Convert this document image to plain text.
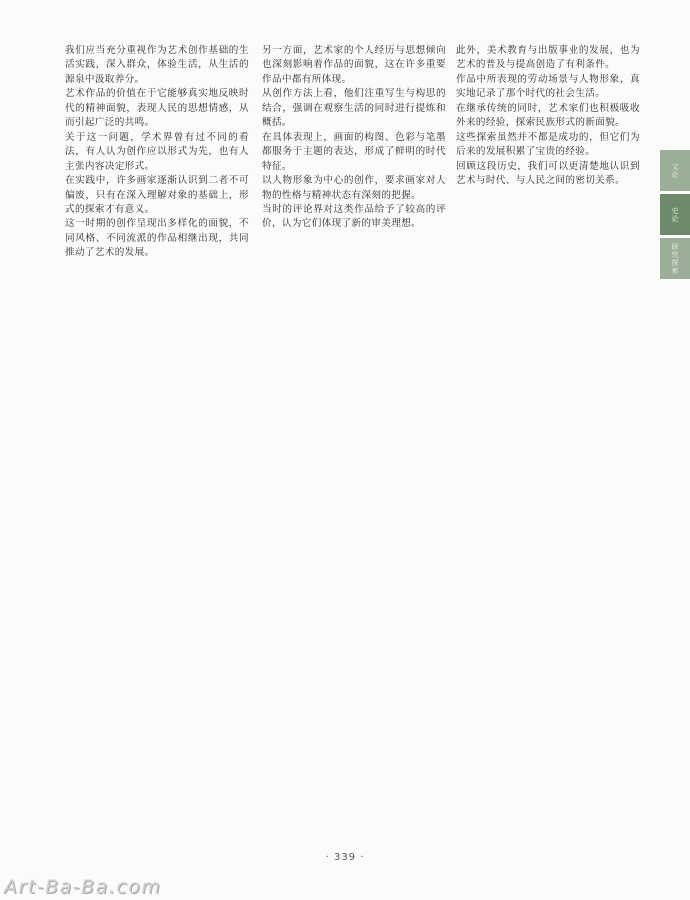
我们应当充分重视作为艺术创作基础的生活实践，深入群众，体验生活，从生活的源泉中汲取养分。

艺术作品的价值在于它能够真实地反映时代的精神面貌，表现人民的思想情感，从而引起广泛的共鸣。

关于这一问题，学术界曾有过不同的看法，有人认为创作应以形式为先，也有人主张内容决定形式。

在实践中，许多画家逐渐认识到二者不可偏废，只有在深入理解对象的基础上，形式的探索才有意义。

这一时期的创作呈现出多样化的面貌，不同风格、不同流派的作品相继出现，共同推动了艺术的发展。

另一方面，艺术家的个人经历与思想倾向也深刻影响着作品的面貌，这在许多重要作品中都有所体现。

从创作方法上看，他们注重写生与构思的结合，强调在观察生活的同时进行提炼和概括。

在具体表现上，画面的构图、色彩与笔墨都服务于主题的表达，形成了鲜明的时代特征。

以人物形象为中心的创作，要求画家对人物的性格与精神状态有深刻的把握。

当时的评论界对这类作品给予了较高的评价，认为它们体现了新的审美理想。

此外，美术教育与出版事业的发展，也为艺术的普及与提高创造了有利条件。

作品中所表现的劳动场景与人物形象，真实地记录了那个时代的社会生活。

在继承传统的同时，艺术家们也积极吸收外来的经验，探索民族形式的新面貌。

这些探索虽然并不都是成功的，但它们为后来的发展积累了宝贵的经验。

回顾这段历史，我们可以更清楚地认识到艺术与时代、与人民之间的密切关系。

文论
史论
研究探索
· 339 ·
Art-Ba-Ba.com
